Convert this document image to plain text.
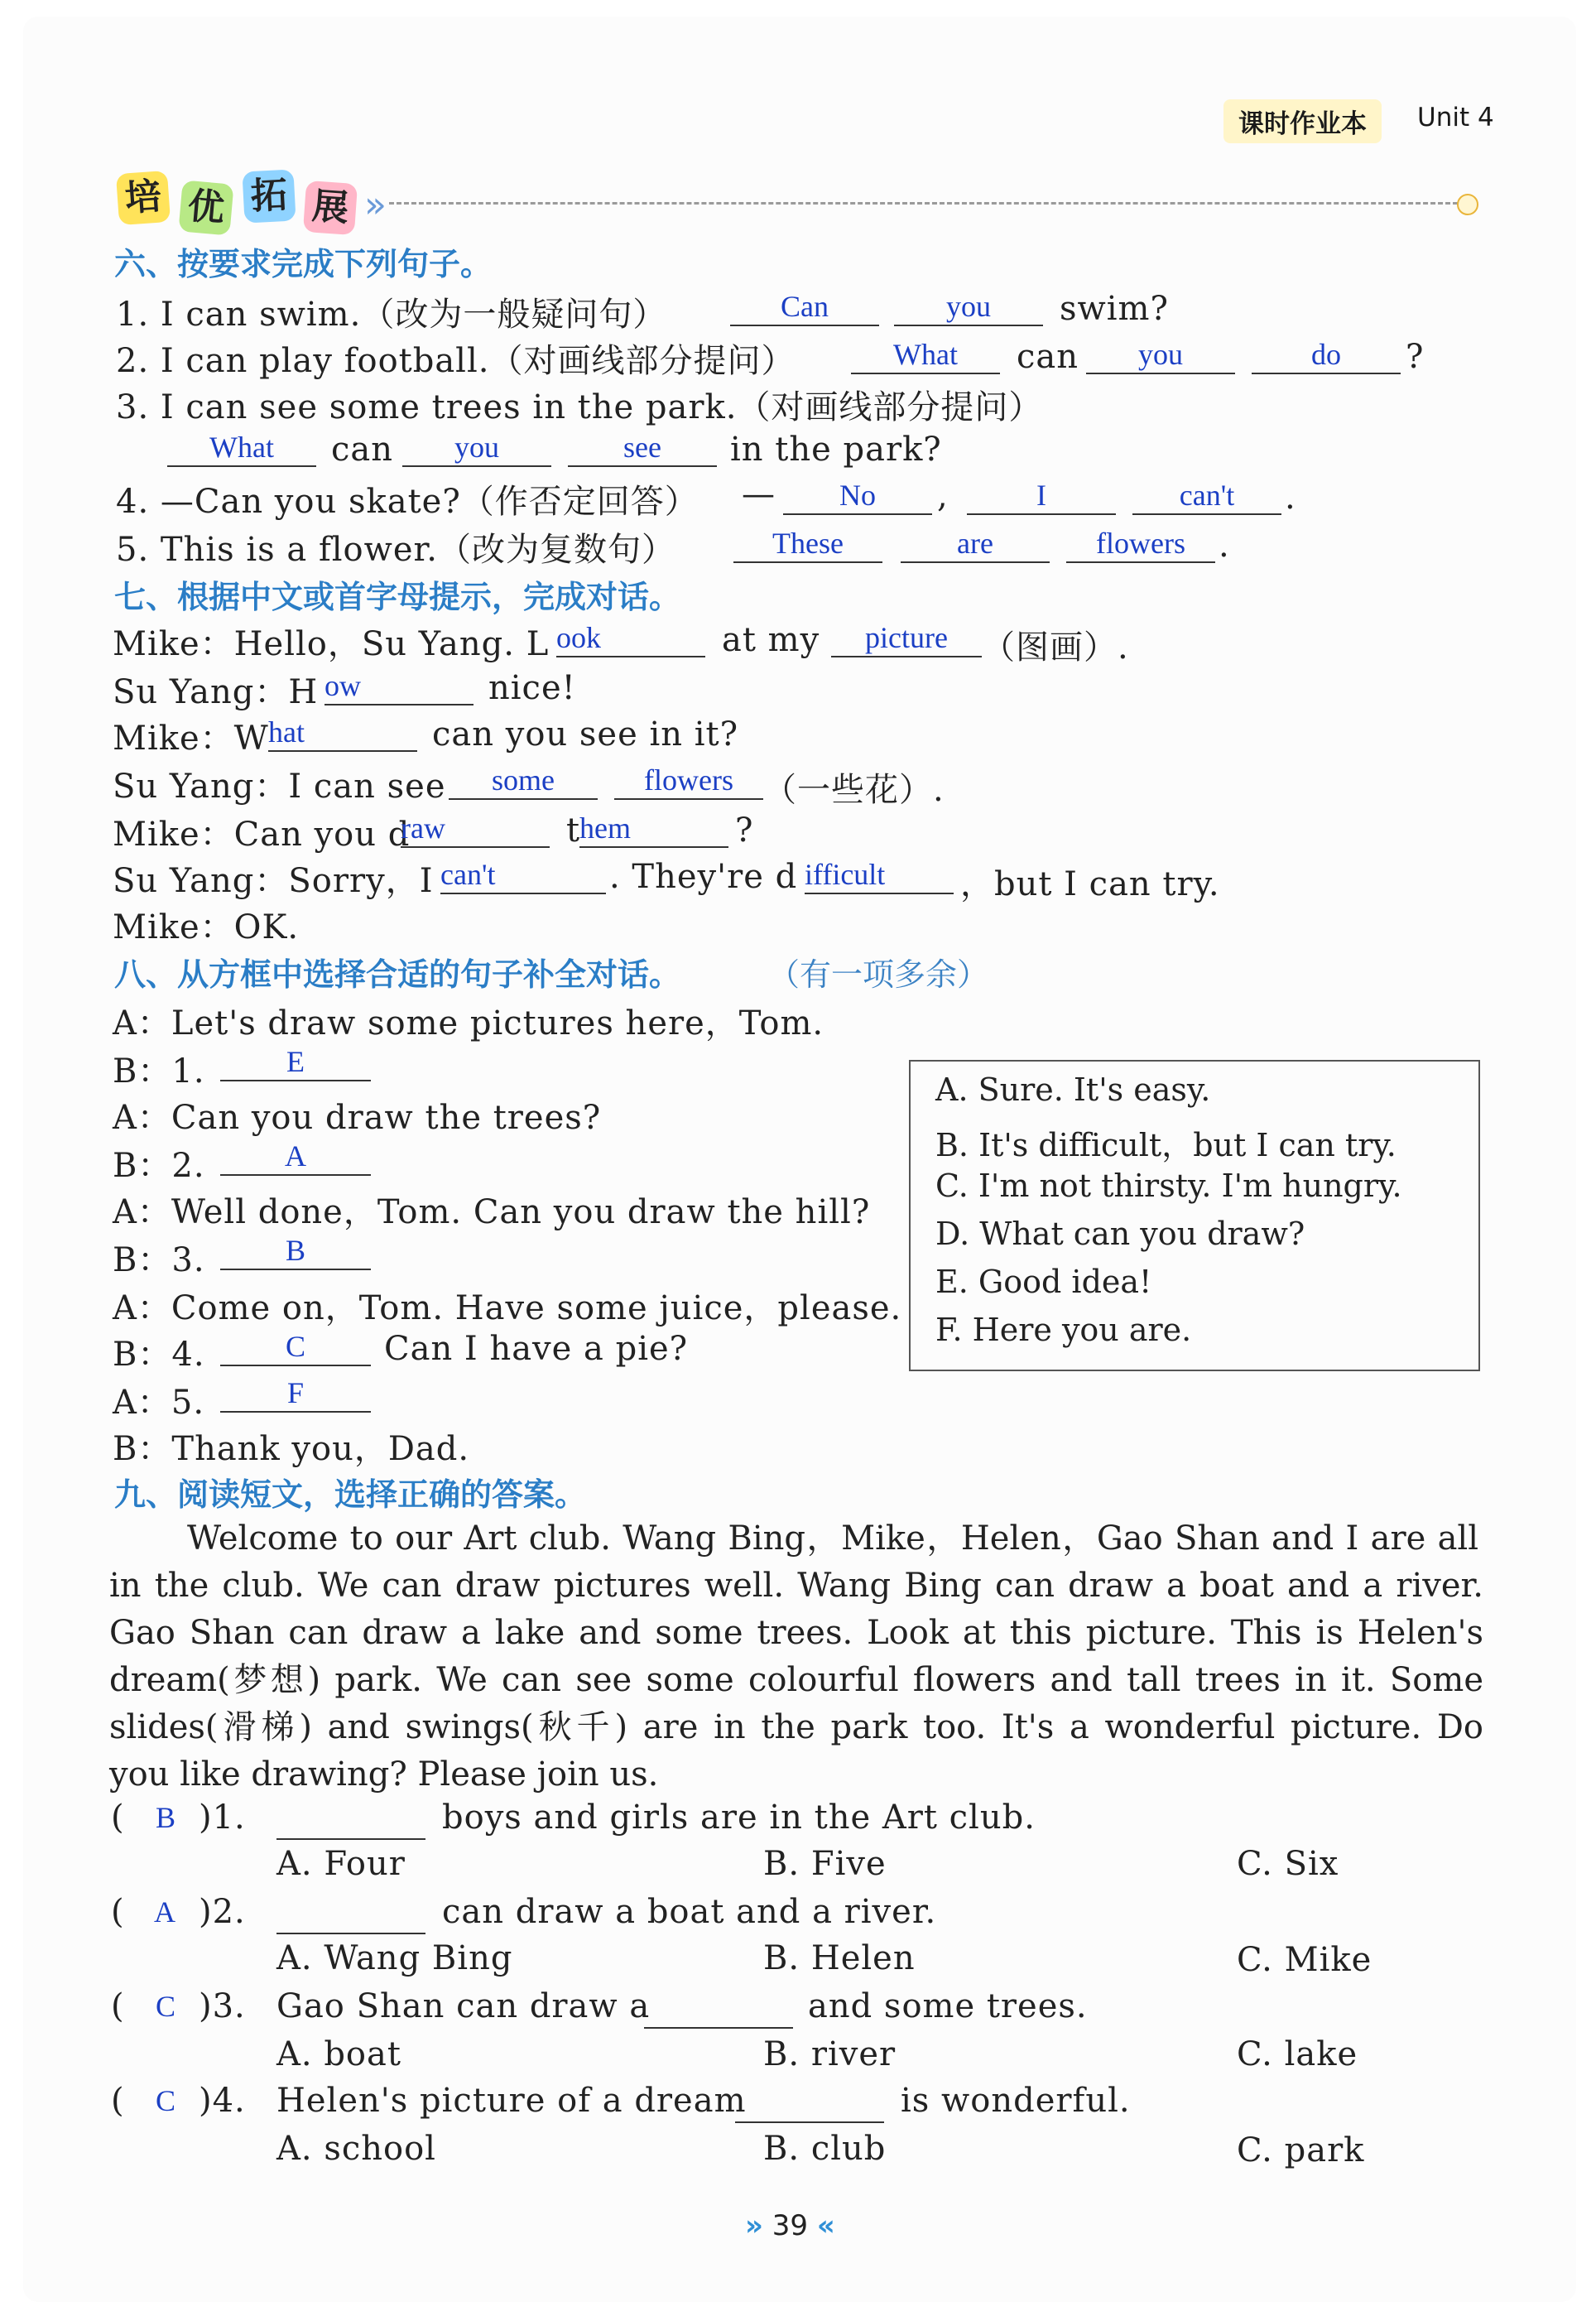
课时作业本	Unit 4
培 优 拓 展 »
六、按要求完成下列句子。
1. I can swim.（改为一般疑问句）	Can	you	swim?
2. I can play football.（对画线部分提问）	What	can	you	do	?
3. I can see some trees in the park.（对画线部分提问）
What	can	you	see	in the park?
4. —Can you skate?（作否定回答） —	No	,	I	can't	.
5. This is a flower.（改为复数句）	These	are	flowers	.
七、根据中文或首字母提示，完成对话。
Mike：Hello，Su Yang. L ook	at my	picture	（图画）.
Su Yang：H ow	nice!
Mike：W hat	can you see in it?
Su Yang：I can see	some	flowers （一些花）.
Mike：Can you d
raw	t
hem	?
Su Yang：Sorry，I can't	. They're d ifficult	，but I can try.
Mike：OK.
八、从方框中选择合适的句子补全对话。	（有一项多余）
A：Let's draw some pictures here，Tom.
B：1.	E
A：Can you draw the trees?
B：2.	A
A：Well done，Tom. Can you draw the hill?
B：3.	B
A：Come on，Tom. Have some juice，please.
B：4.	C	Can I have a pie?
A：5.	F
B：Thank you，Dad.
A. Sure. It's easy.
B. It's difficult，but I can try.
C. I'm not thirsty. I'm hungry.
D. What can you draw?
E. Good idea!
F. Here you are.
九、阅读短文，选择正确的答案。
Welcome to our Art club. Wang Bing，Mike，Helen，Gao Shan and I are all
in the club. We can draw pictures well. Wang Bing can draw a boat and a river.
Gao Shan can draw a lake and some trees. Look at this picture. This is Helen's
dream(梦想) park. We can see some colourful flowers and tall trees in it. Some
slides(滑梯) and swings(秋千) are in the park too. It's a wonderful picture. Do
you like drawing? Please join us.
( B )1.	boys and girls are in the Art club.
A. Four	B. Five	C. Six
( A )2.	can draw a boat and a river.
A. Wang Bing	B. Helen	C. Mike
( C )3. Gao Shan can draw a	and some trees.
A. boat	B. river	C. lake
( C )4. Helen's picture of a dream	is wonderful.
A. school	B. club	C. park
» 39 «
